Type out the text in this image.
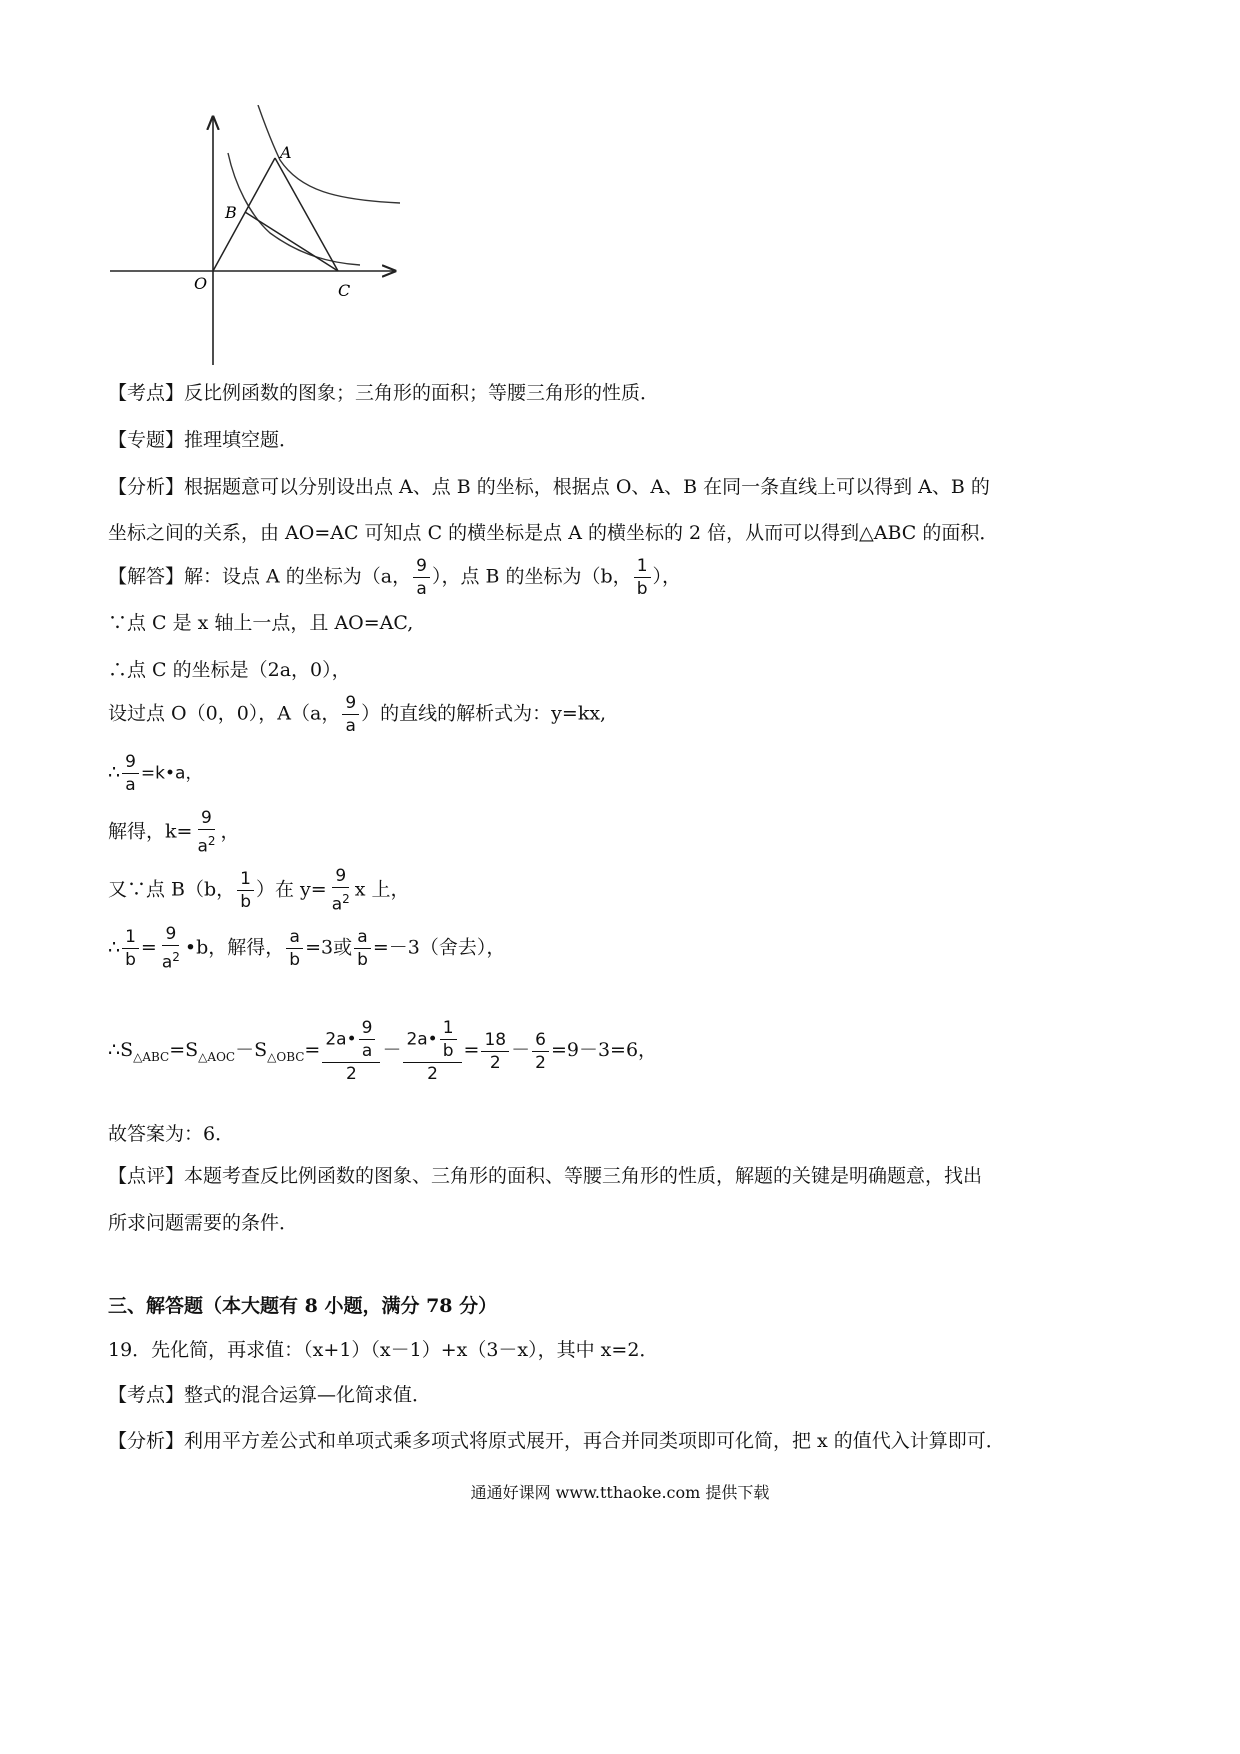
A
B
O	C
【考点】反比例函数的图象；三角形的面积；等腰三角形的性质．
【专题】推理填空题．
【分析】根据题意可以分别设出点 A、点 B 的坐标，根据点 O、A、B 在同一条直线上可以得到 A、B 的
坐标之间的关系，由 AO=AC 可知点 C 的横坐标是点 A 的横坐标的 2 倍，从而可以得到△ABC 的面积．
【解答】解：设点 A 的坐标为（a， $\frac{9}{a}$ ），点 B 的坐标为（b， $\frac{1}{b}$ ），
∵点 C 是 x 轴上一点，且 AO=AC,
∴点 C 的坐标是（2a，0），
设过点 O（0，0），A（a， $\frac{9}{a}$ ）的直线的解析式为：y=kx,
∴ $\frac{9}{a}$ =k•a，
解得，$k= \frac{9}{a^2}$ ，
又∵点 B（b， $\frac{1}{b}$ ）在 $y= \frac{9}{a^2}$ x 上，
∴ $\frac{1}{b} = \frac{9}{a^2}$ •b，解得， $\frac{a}{b} =3$或 $\frac{a}{b} =-3$（舍去），
$\therefore S_{\triangle ABC}=S_{\triangle AOC}-S_{\triangle OBC}= \frac{2a• \frac{9}{a}}{2} - \frac{2a• \frac{1}{b}}{2} = \frac{18}{2} - \frac{6}{2} =9-3=6$，
故答案为：6．
【点评】本题考查反比例函数的图象、三角形的面积、等腰三角形的性质，解题的关键是明确题意，找出
所求问题需要的条件．
三、解答题（本大题有 8 小题，满分 78 分）
19．先化简，再求值：（x+1）（x－1）+x（3－x），其中 x=2．
【考点】整式的混合运算—化简求值．
【分析】利用平方差公式和单项式乘多项式将原式展开，再合并同类项即可化简，把 x 的值代入计算即可．
通通好课网 www.tthaoke.com 提供下载
